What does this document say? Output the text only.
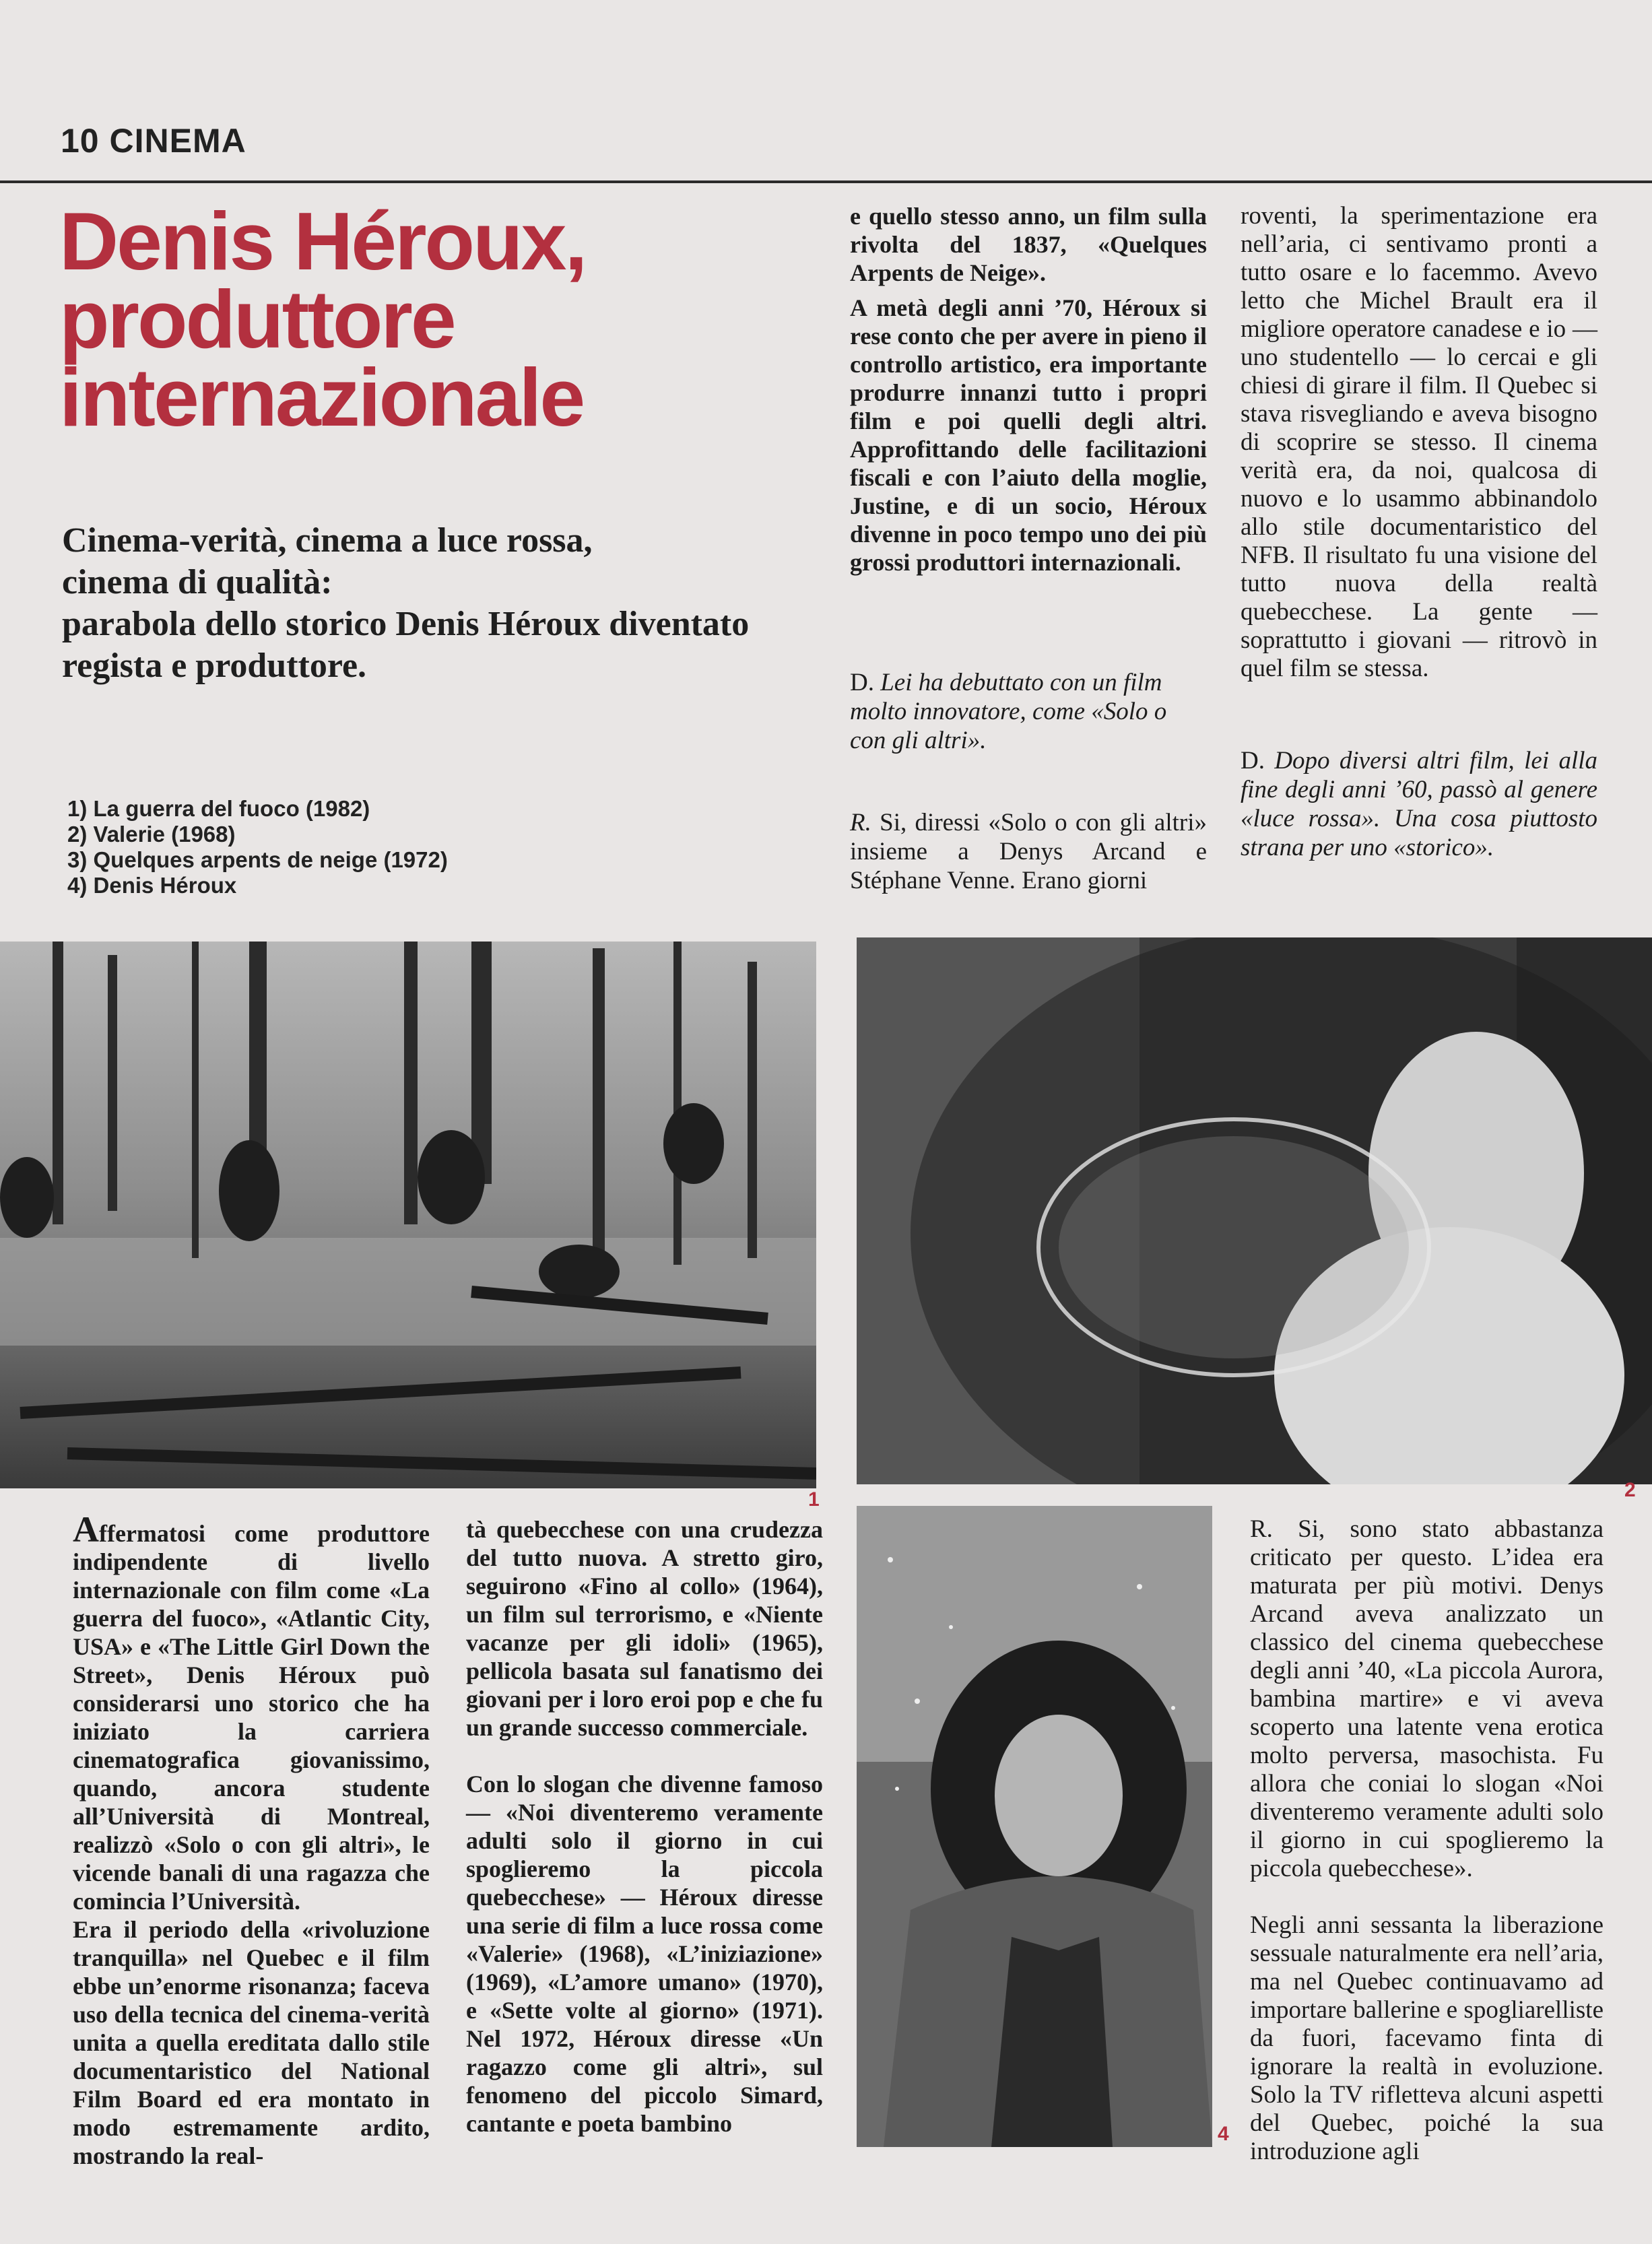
10 CINEMA
Denis Héroux,
produttore
internazionale
Cinema-verità, cinema a luce rossa,
cinema di qualità:
parabola dello storico Denis Héroux diventato
regista e produttore.
1) La guerra del fuoco (1982)
2) Valerie (1968)
3) Quelques arpents de neige (1972)
4) Denis Héroux

e quello stesso anno, un film sulla rivolta del 1837, «Quelques Arpents de Neige».

A metà degli anni ’70, Héroux si rese conto che per avere in pieno il controllo artistico, era importante produrre innanzi tutto i propri film e poi quelli degli altri. Approfittando delle facilitazioni fiscali e con l’aiuto della moglie, Justine, e di un socio, Héroux divenne in poco tempo uno dei più grossi produttori internazionali.

D. Lei ha debuttato con un film molto innovatore, come «Solo o con gli altri».
R. Si, diressi «Solo o con gli altri» insieme a Denys Arcand e Stéphane Venne. Erano giorni

roventi, la sperimentazione era nell’aria, ci sentivamo pronti a tutto osare e lo facemmo. Avevo letto che Michel Brault era il migliore operatore canadese e io — uno studentello — lo cercai e gli chiesi di girare il film. Il Quebec si stava risvegliando e aveva bisogno di scoprire se stesso. Il cinema verità era, da noi, qualcosa di nuovo e lo usammo abbinandolo allo stile documentaristico del NFB. Il risultato fu una visione del tutto nuova della realtà quebecchese. La gente — soprattutto i giovani — ritrovò in quel film se stessa.

D. Dopo diversi altri film, lei alla fine degli anni ’60, passò al genere «luce rossa». Una cosa piuttosto strana per uno «storico».
1	2
4

Affermatosi come produttore indipendente di livello internazionale con film come «La guerra del fuoco», «Atlantic City, USA» e «The Little Girl Down the Street», Denis Héroux può considerarsi uno storico che ha iniziato la carriera cinematografica giovanissimo, quando, ancora studente all’Università di Montreal, realizzò «Solo o con gli altri», le vicende banali di una ragazza che comincia l’Università.

Era il periodo della «rivoluzione tranquilla» nel Quebec e il film ebbe un’enorme risonanza; faceva uso della tecnica del cinema-verità unita a quella ereditata dallo stile documentaristico del National Film Board ed era montato in modo estremamente ardito, mostrando la real-

tà quebecchese con una crudezza del tutto nuova. A stretto giro, seguirono «Fino al collo» (1964), un film sul terrorismo, e «Niente vacanze per gli idoli» (1965), pellicola basata sul fanatismo dei giovani per i loro eroi pop e che fu un grande successo commerciale.

Con lo slogan che divenne famoso — «Noi diventeremo veramente adulti solo il giorno in cui spoglieremo la piccola quebecchese» — Héroux diresse una serie di film a luce rossa come «Valerie» (1968), «L’iniziazione» (1969), «L’amore umano» (1970), e «Sette volte al giorno» (1971). Nel 1972, Héroux diresse «Un ragazzo come gli altri», sul fenomeno del piccolo Simard, cantante e poeta bambino

R. Si, sono stato abbastanza criticato per questo. L’idea era maturata per più motivi. Denys Arcand aveva analizzato un classico del cinema quebecchese degli anni ’40, «La piccola Aurora, bambina martire» e vi aveva scoperto una latente vena erotica molto perversa, masochista. Fu allora che coniai lo slogan «Noi diventeremo veramente adulti solo il giorno in cui spoglieremo la piccola quebecchese».

Negli anni sessanta la liberazione sessuale naturalmente era nell’aria, ma nel Quebec continuavamo ad importare ballerine e spogliarelliste da fuori, facevamo finta di ignorare la realtà in evoluzione. Solo la TV rifletteva alcuni aspetti del Quebec, poiché la sua introduzione agli
